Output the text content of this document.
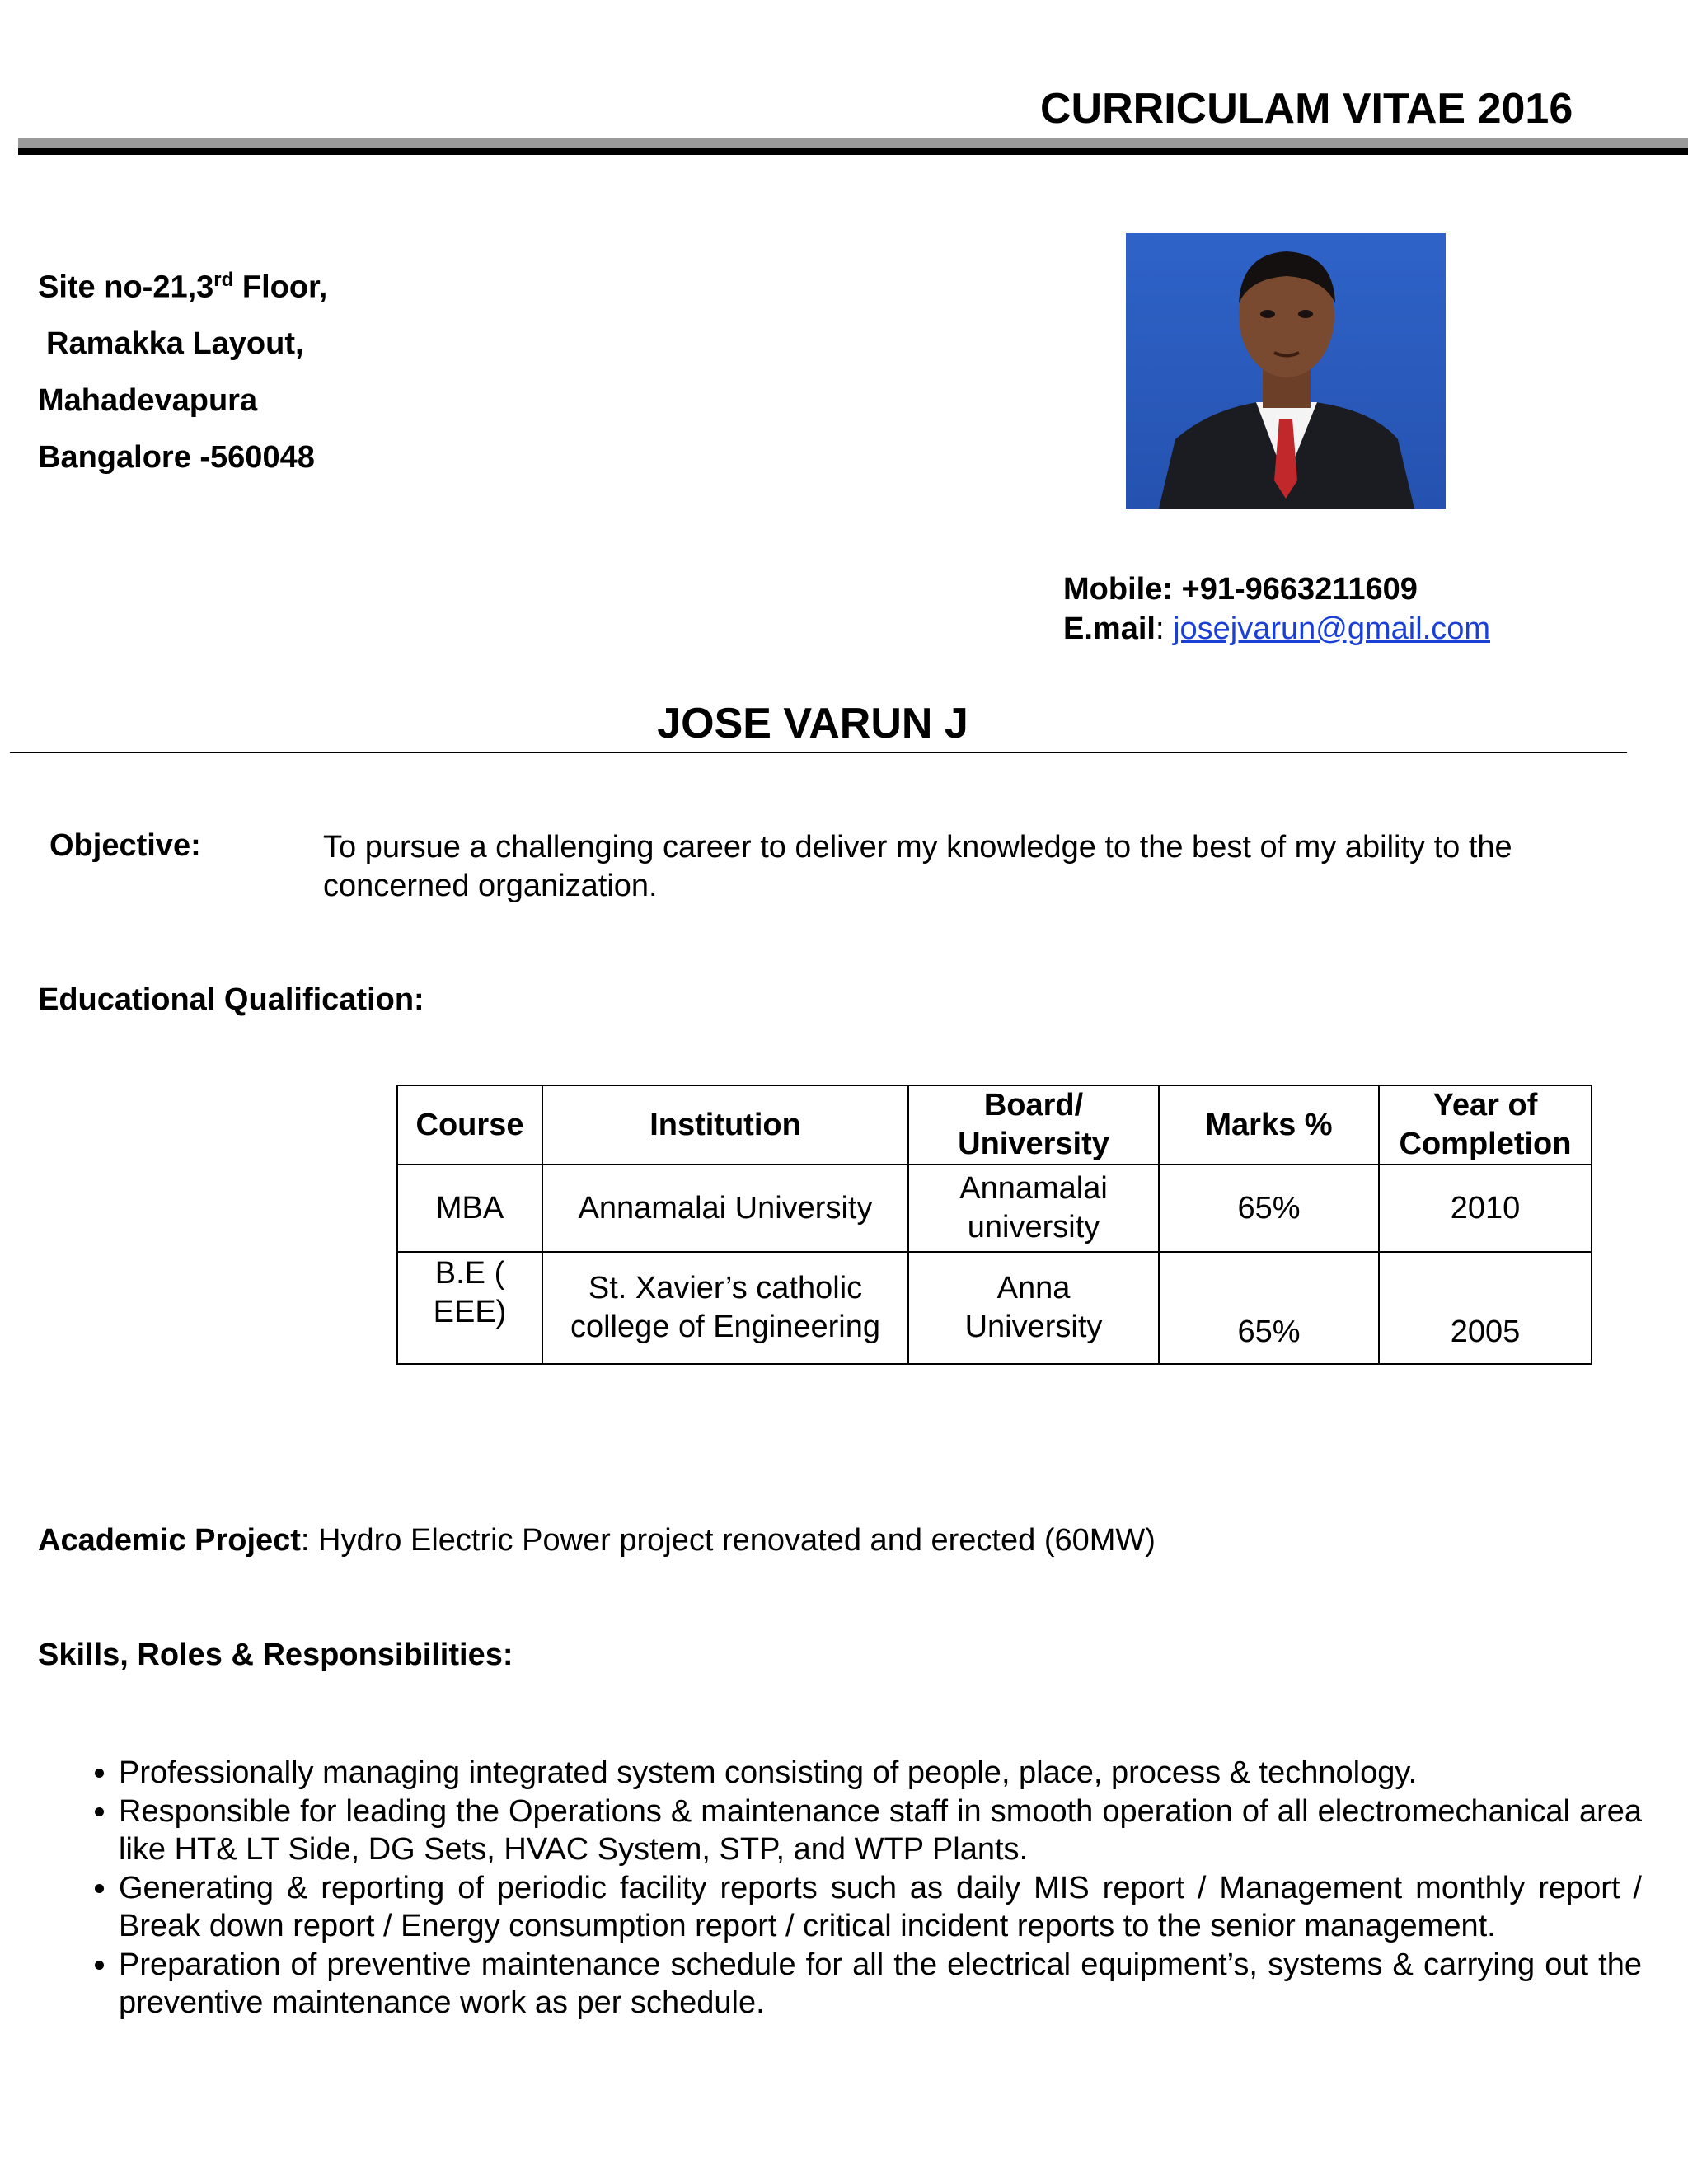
CURRICULAM VITAE 2016
Site no-21,3rd Floor,
Ramakka Layout,
Mahadevapura
Bangalore -560048
Mobile: +91-9663211609
E.mail: josejvarun@gmail.com
JOSE VARUN J
Objective:	To pursue a challenging career to deliver my knowledge to the best of my ability to the concerned organization.
Educational Qualification:
Course	Institution	Board/ University	Marks %	Year of Completion

MBA	Annamalai University	Annamalai university	65%	2010

B.E ( EEE)	St. Xavier’s catholic college of Engineering	Anna University	65%	2005
Academic Project: Hydro Electric Power project renovated and erected (60MW)
Skills, Roles & Responsibilities:
• Professionally managing integrated system consisting of people, place, process & technology.
• Responsible for leading the Operations & maintenance staff in smooth operation of all electromechanical area like HT& LT Side, DG Sets, HVAC System, STP, and WTP Plants.
• Generating & reporting of periodic facility reports such as daily MIS report / Management monthly report / Break down report / Energy consumption report / critical incident reports to the senior management.
• Preparation of preventive maintenance schedule for all the electrical equipment’s, systems & carrying out the preventive maintenance work as per schedule.
